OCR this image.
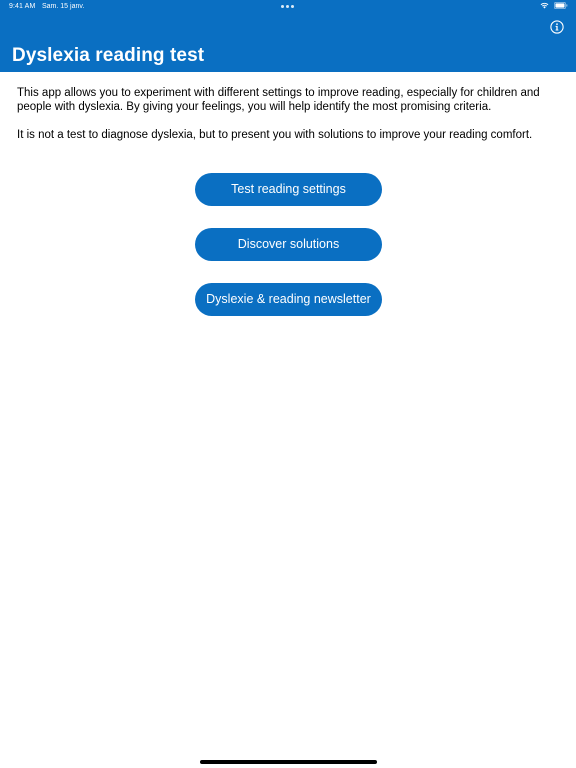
9:41 AM Sam. 15 janv.
Dyslexia reading test

This app allows you to experiment with different settings to improve reading, especially for children and people with dyslexia. By giving your feelings, you will help identify the most promising criteria.

It is not a test to diagnose dyslexia, but to present you with solutions to improve your reading comfort.

Test reading settings
Discover solutions
Dyslexie & reading newsletter
